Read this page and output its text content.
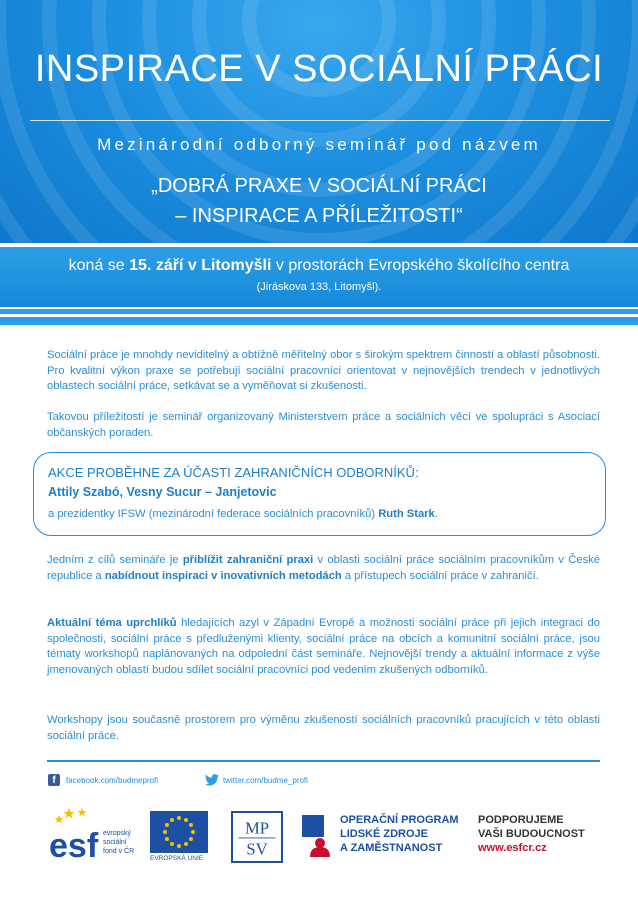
INSPIRACE V SOCIÁLNÍ PRÁCI
Mezinárodní odborný seminář pod názvem
„DOBRÁ PRAXE V SOCIÁLNÍ PRÁCI
– INSPIRACE A PŘÍLEŽITOSTI“
koná se 15. září v Litomyšli v prostorách Evropského školícího centra
(Jiráskova 133, Litomyšl).
Sociální práce je mnohdy neviditelný a obtížně měřitelný obor s širokým spektrem činností a oblastí působnosti. Pro kvalitní výkon praxe se potřebují sociální pracovníci orientovat v nejnovějších trendech v jednotlivých oblastech sociální práce, setkávat se a vyměňovat si zkušenosti.
Takovou příležitostí je seminář organizovaný Ministerstvem práce a sociálních věcí ve spolupráci s Asociací občanských poraden.
AKCE PROBĚHNE ZA ÚČASTI ZAHRANIČNÍCH ODBORNÍKŮ:
Attily Szabó, Vesny Sucur – Janjetovic
a prezidentky IFSW (mezinárodní federace sociálních pracovníků) Ruth Stark.
Jedním z cílů semináře je přiblížit zahraniční praxi v oblasti sociální práce sociálním pracovníkům v České republice a nabídnout inspiraci v inovativních metodách a přístupech sociální práce v zahraničí.
Aktuální téma uprchlíků hledajících azyl v Západní Evropě a možnosti sociální práce při jejich integraci do společnosti, sociální práce s předluženými klienty, sociální práce na obcích a komunitní sociální práce, jsou tématy workshopů naplánovaných na odpolední část semináře. Nejnovější trendy a aktuální informace z výše jmenovaných oblastí budou sdílet sociální pracovníci pod vedením zkušených odborníků.
Workshopy jsou současně prostorem pro výměnu zkušeností sociálních pracovníků pracujících v této oblasti sociální práce.
f	facebook.com/budmeprofi	twitter.com/budme_profi
esf evropský
sociální
fond v ČR
EVROPSKÁ UNIE
MP
SV
OPERAČNÍ PROGRAM
LIDSKÉ ZDROJE
A ZAMĚSTNANOST
PODPORUJEME
VAŠI BUDOUCNOST
www.esfcr.cz
